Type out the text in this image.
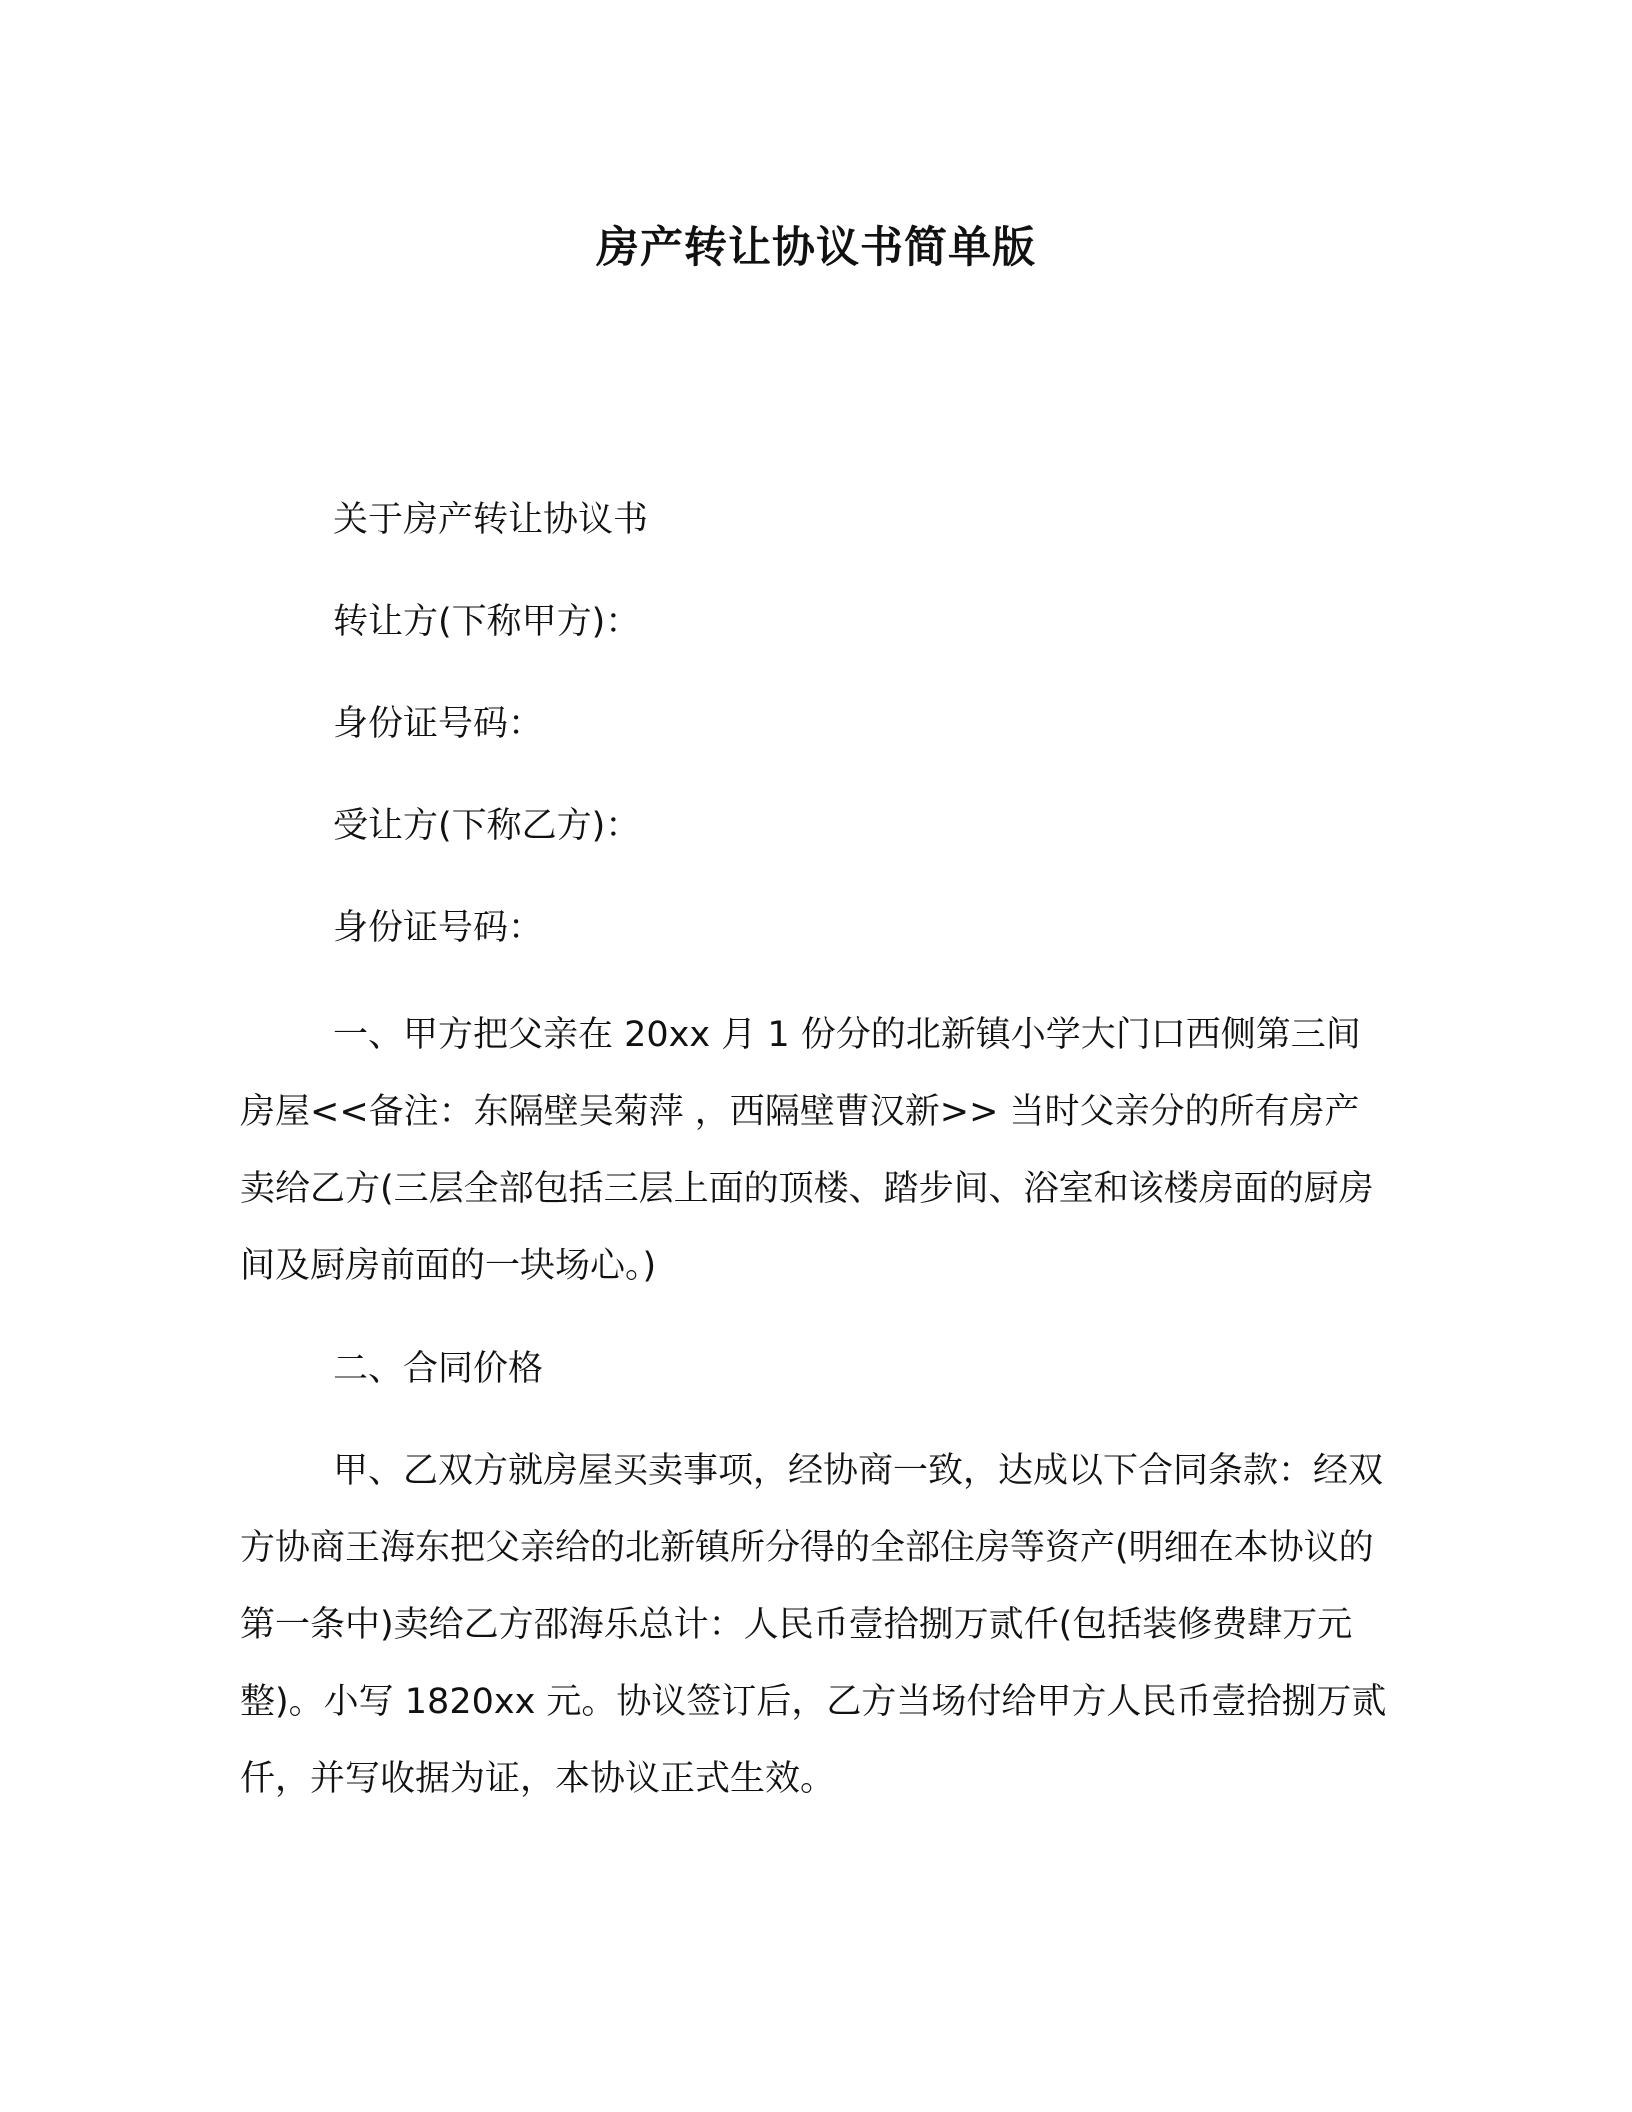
房产转让协议书简单版
关于房产转让协议书
转让方(下称甲方)：
身份证号码：
受让方(下称乙方)：
身份证号码：

一、甲方把父亲在 20xx 月 1 份分的北新镇小学大门口西侧第三间房屋<<备注：东隔壁吴菊萍 ，西隔壁曹汉新>> 当时父亲分的所有房产卖给乙方(三层全部包括三层上面的顶楼、踏步间、浴室和该楼房面的厨房间及厨房前面的一块场心。)

二、合同价格

甲、乙双方就房屋买卖事项，经协商一致，达成以下合同条款：经双方协商王海东把父亲给的北新镇所分得的全部住房等资产(明细在本协议的第一条中)卖给乙方邵海乐总计：人民币壹拾捌万贰仟(包括装修费肆万元整)。小写 1820xx 元。协议签订后，乙方当场付给甲方人民币壹拾捌万贰仟，并写收据为证，本协议正式生效。
